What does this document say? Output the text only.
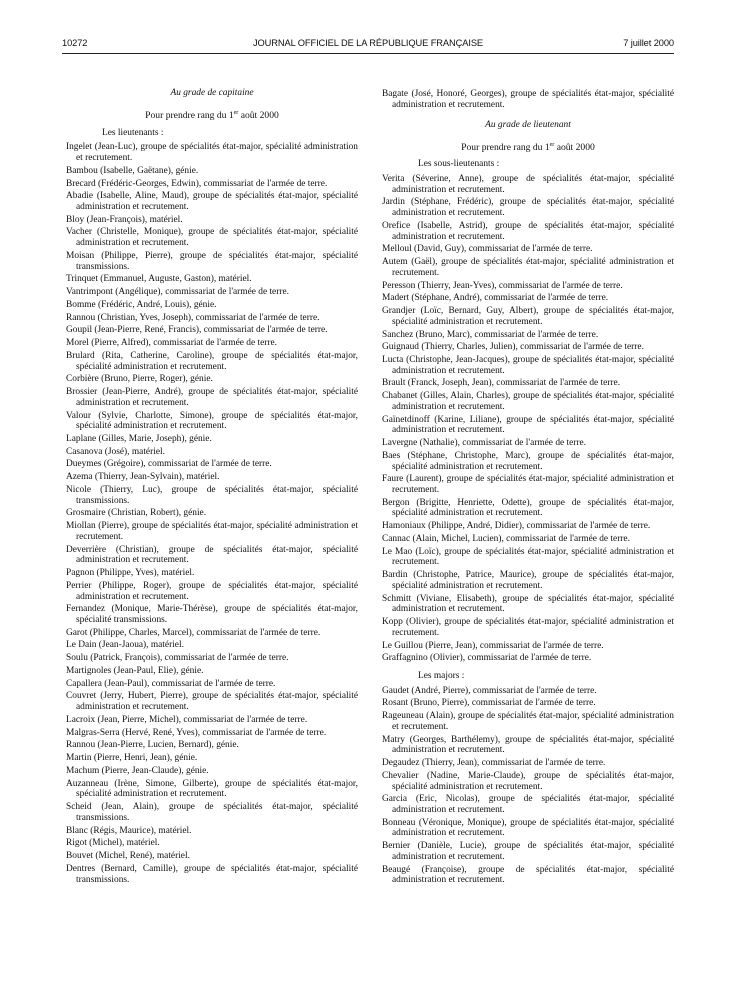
10272	JOURNAL OFFICIEL DE LA RÉPUBLIQUE FRANÇAISE	7 juillet 2000

Au grade de capitaine

Pour prendre rang du 1er août 2000

Les lieutenants :

Ingelet (Jean-Luc), groupe de spécialités état-major, spécialité administration et recrutement.

Bambou (Isabelle, Gaëtane), génie.

Brecard (Frédéric-Georges, Edwin), commissariat de l'armée de terre.

Abadie (Isabelle, Aline, Maud), groupe de spécialités état-major, spécialité administration et recrutement.

Bloy (Jean-François), matériel.

Vacher (Christelle, Monique), groupe de spécialités état-major, spécialité administration et recrutement.

Moisan (Philippe, Pierre), groupe de spécialités état-major, spécialité transmissions.

Trinquet (Emmanuel, Auguste, Gaston), matériel.

Vantrimpont (Angélique), commissariat de l'armée de terre.

Bomme (Frédéric, André, Louis), génie.

Rannou (Christian, Yves, Joseph), commissariat de l'armée de terre.

Goupil (Jean-Pierre, René, Francis), commissariat de l'armée de terre.

Morel (Pierre, Alfred), commissariat de l'armée de terre.

Brulard (Rita, Catherine, Caroline), groupe de spécialités état-major, spécialité administration et recrutement.

Corbière (Bruno, Pierre, Roger), génie.

Brossier (Jean-Pierre, André), groupe de spécialités état-major, spécialité administration et recrutement.

Valour (Sylvie, Charlotte, Simone), groupe de spécialités état-major, spécialité administration et recrutement.

Laplane (Gilles, Marie, Joseph), génie.

Casanova (José), matériel.

Dueymes (Grégoire), commissariat de l'armée de terre.

Azema (Thierry, Jean-Sylvain), matériel.

Nicole (Thierry, Luc), groupe de spécialités état-major, spécialité transmissions.

Grosmaire (Christian, Robert), génie.

Miollan (Pierre), groupe de spécialités état-major, spécialité administration et recrutement.

Deverrière (Christian), groupe de spécialités état-major, spécialité administration et recrutement.

Pagnon (Philippe, Yves), matériel.

Perrier (Philippe, Roger), groupe de spécialités état-major, spécialité administration et recrutement.

Fernandez (Monique, Marie-Thérèse), groupe de spécialités état-major, spécialité transmissions.

Garot (Philippe, Charles, Marcel), commissariat de l'armée de terre.

Le Dain (Jean-Jaoua), matériel.

Soulu (Patrick, François), commissariat de l'armée de terre.

Martignoles (Jean-Paul, Elie), génie.

Capallera (Jean-Paul), commissariat de l'armée de terre.

Couvret (Jerry, Hubert, Pierre), groupe de spécialités état-major, spécialité administration et recrutement.

Lacroix (Jean, Pierre, Michel), commissariat de l'armée de terre.

Malgras-Serra (Hervé, René, Yves), commissariat de l'armée de terre.

Rannou (Jean-Pierre, Lucien, Bernard), génie.

Martin (Pierre, Henri, Jean), génie.

Machum (Pierre, Jean-Claude), génie.

Auzanneau (Irène, Simone, Gilberte), groupe de spécialités état-major, spécialité administration et recrutement.

Scheid (Jean, Alain), groupe de spécialités état-major, spécialité transmissions.

Blanc (Régis, Maurice), matériel.

Rigot (Michel), matériel.

Bouvet (Michel, René), matériel.

Dentres (Bernard, Camille), groupe de spécialités état-major, spécialité transmissions.

Bagate (José, Honoré, Georges), groupe de spécialités état-major, spécialité administration et recrutement.

Au grade de lieutenant

Pour prendre rang du 1er août 2000

Les sous-lieutenants :

Verita (Séverine, Anne), groupe de spécialités état-major, spécialité administration et recrutement.

Jardin (Stéphane, Frédéric), groupe de spécialités état-major, spécialité administration et recrutement.

Orefice (Isabelle, Astrid), groupe de spécialités état-major, spécialité administration et recrutement.

Melloul (David, Guy), commissariat de l'armée de terre.

Autem (Gaël), groupe de spécialités état-major, spécialité administration et recrutement.

Peresson (Thierry, Jean-Yves), commissariat de l'armée de terre.

Madert (Stéphane, André), commissariat de l'armée de terre.

Grandjer (Loïc, Bernard, Guy, Albert), groupe de spécialités état-major, spécialité administration et recrutement.

Sanchez (Bruno, Marc), commissariat de l'armée de terre.

Guignaud (Thierry, Charles, Julien), commissariat de l'armée de terre.

Lucta (Christophe, Jean-Jacques), groupe de spécialités état-major, spécialité administration et recrutement.

Brault (Franck, Joseph, Jean), commissariat de l'armée de terre.

Chabanet (Gilles, Alain, Charles), groupe de spécialités état-major, spécialité administration et recrutement.

Gaïnetdinoff (Karine, Liliane), groupe de spécialités état-major, spécialité administration et recrutement.

Lavergne (Nathalie), commissariat de l'armée de terre.

Baes (Stéphane, Christophe, Marc), groupe de spécialités état-major, spécialité administration et recrutement.

Faure (Laurent), groupe de spécialités état-major, spécialité administration et recrutement.

Bergon (Brigitte, Henriette, Odette), groupe de spécialités état-major, spécialité administration et recrutement.

Hamoniaux (Philippe, André, Didier), commissariat de l'armée de terre.

Cannac (Alain, Michel, Lucien), commissariat de l'armée de terre.

Le Mao (Loïc), groupe de spécialités état-major, spécialité administration et recrutement.

Bardin (Christophe, Patrice, Maurice), groupe de spécialités état-major, spécialité administration et recrutement.

Schmitt (Viviane, Elisabeth), groupe de spécialités état-major, spécialité administration et recrutement.

Kopp (Olivier), groupe de spécialités état-major, spécialité administration et recrutement.

Le Guillou (Pierre, Jean), commissariat de l'armée de terre.

Graffagnino (Olivier), commissariat de l'armée de terre.

Les majors :

Gaudet (André, Pierre), commissariat de l'armée de terre.

Rosant (Bruno, Pierre), commissariat de l'armée de terre.

Rageuneau (Alain), groupe de spécialités état-major, spécialité administration et recrutement.

Matry (Georges, Barthélemy), groupe de spécialités état-major, spécialité administration et recrutement.

Degaudez (Thierry, Jean), commissariat de l'armée de terre.

Chevalier (Nadine, Marie-Claude), groupe de spécialités état-major, spécialité administration et recrutement.

Garcia (Eric, Nicolas), groupe de spécialités état-major, spécialité administration et recrutement.

Bonneau (Véronique, Monique), groupe de spécialités état-major, spécialité administration et recrutement.

Bernier (Danièle, Lucie), groupe de spécialités état-major, spécialité administration et recrutement.

Beaugé (Françoise), groupe de spécialités état-major, spécialité administration et recrutement.
